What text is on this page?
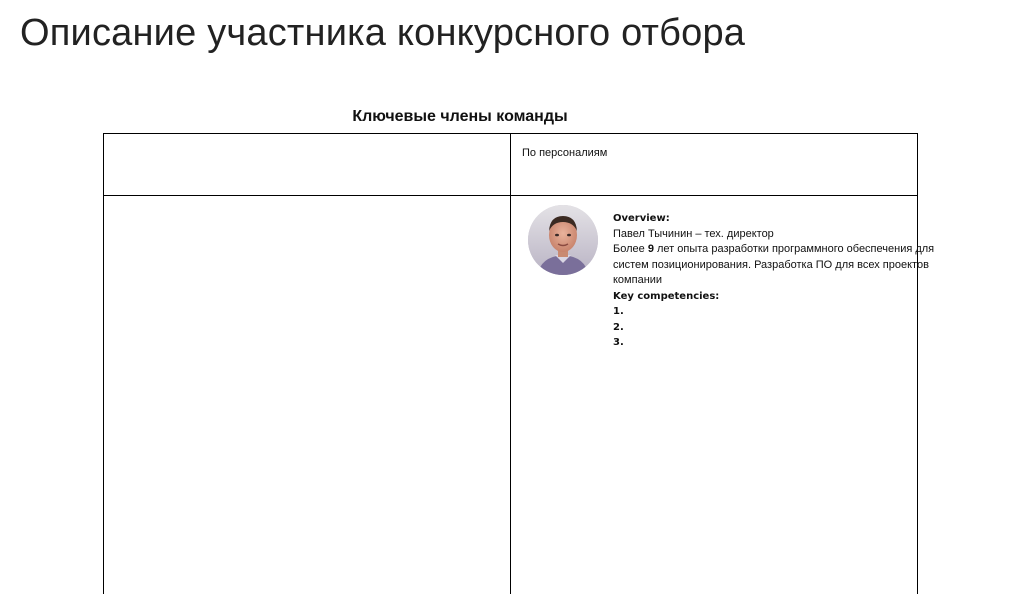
Описание участника конкурсного отбора
Ключевые члены команды
По персоналиям
Overview:
Павел Тычинин – тех. директор
Более 9 лет опыта разработки программного обеспечения для систем позиционирования. Разработка ПО для всех проектов компании
Key competencies:
1.
2.
3.
